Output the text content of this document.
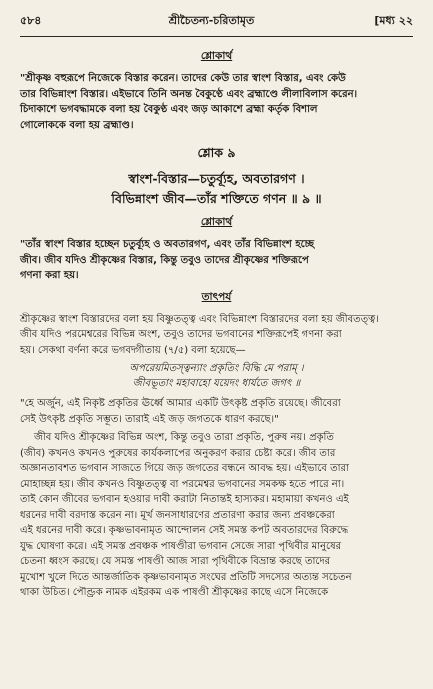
৫৮৪	শ্রীচৈতন্য-চরিতামৃত	[মধ্য ২২
শ্লোকার্থ

"শ্রীকৃষ্ণ বহুরূপে নিজেকে বিস্তার করেন। তাদের কেউ তার স্বাংশ বিস্তার, এবং কেউ

তার বিভিন্নাংশ বিস্তার। এইভাবে তিনি অনন্ত বৈকুণ্ঠে এবং ব্রহ্মাণ্ডে লীলাবিলাস করেন।

চিদাকাশে ভগবদ্ধামকে বলা হয় বৈকুণ্ঠ এবং জড় আকাশে ব্রহ্মা কর্তৃক বিশাল

গোলোককে বলা হয় ব্রহ্মাণ্ড।

শ্লোক ৯
স্বাংশ-বিস্তার—চতুর্ব্যূহ, অবতারগণ ।
বিভিন্নাংশ জীব—তাঁর শক্তিতে গণন ॥ ৯ ॥
শ্লোকার্থ

"তাঁর স্বাংশ বিস্তার হচ্ছেন চতুর্ব্যূহ ও অবতারগণ, এবং তাঁর বিভিন্নাংশ হচ্ছে

জীব। জীব যদিও শ্রীকৃষ্ণের বিস্তার, কিন্তু তবুও তাদের শ্রীকৃষ্ণের শক্তিরূপে

গণনা করা হয়।

তাৎপর্য

শ্রীকৃষ্ণের স্বাংশ বিস্তারদের বলা হয় বিষ্ণুতত্ত্ব এবং বিভিন্নাংশ বিস্তারদের বলা হয় জীবতত্ত্ব।

জীব যদিও পরমেশ্বরের বিভিন্ন অংশ, তবুও তাদের ভগবানের শক্তিরূপেই গণনা করা

হয়। সেকথা বর্ণনা করে ভগবদ্গীতায় (৭/৫) বলা হয়েছে—

অপরেয়মিতস্ত্বন্যাং প্রকৃতিং বিদ্ধি মে পরাম্ ।
জীবভূতাং মহাবাহো যয়েদং ধার্যতে জগৎ ॥

"হে অর্জুন, এই নিকৃষ্ট প্রকৃতির ঊর্ধ্বে আমার একটি উৎকৃষ্ট প্রকৃতি রয়েছে। জীবেরা

সেই উৎকৃষ্ট প্রকৃতি সম্ভূত। তারাই এই জড় জগতকে ধারণ করছে।"

জীব যদিও শ্রীকৃষ্ণের বিভিন্ন অংশ, কিন্তু তবুও তারা প্রকৃতি, পুরুষ নয়। প্রকৃতি

(জীব) কখনও কখনও পুরুষের কার্যকলাপের অনুকরণ করার চেষ্টা করে। জীব তার

অজ্ঞানতাবশত ভগবান সাজতে গিয়ে জড় জগতের বন্ধনে আবদ্ধ হয়। এইভাবে তারা

মোহাচ্ছন্ন হয়। জীব কখনও বিষ্ণুতত্ত্ব বা পরমেশ্বর ভগবানের সমকক্ষ হতে পারে না।

তাই কোন জীবের ভগবান হওয়ার দাবী করাটা নিতান্তই হাস্যকর। মহামায়া কখনও এই

ধরনের দাবী বরদাস্ত করেন না। মূর্খ জনসাধারণের প্রতারণা করার জন্য প্রবঞ্চকেরা

এই ধরনের দাবী করে। কৃষ্ণভাবনামৃত আন্দোলন সেই সমস্ত কপট অবতারদের বিরুদ্ধে

যুদ্ধ ঘোষণা করে। এই সমস্ত প্রবঞ্চক পাষণ্ডীরা ভগবান সেজে সারা পৃথিবীর মানুষের

চেতনা ধ্বংস করছে। যে সমস্ত পাষণ্ডী আজ সারা পৃথিবীকে বিভ্রান্ত করছে তাদের

মুখোশ খুলে দিতে আন্তর্জাতিক কৃষ্ণভাবনামৃত সংঘের প্রতিটি সদস্যের অত্যন্ত সচেতন

থাকা উচিত। পৌণ্ড্রক নামক এইরকম এক পাষণ্ডী শ্রীকৃষ্ণের কাছে এসে নিজেকে
